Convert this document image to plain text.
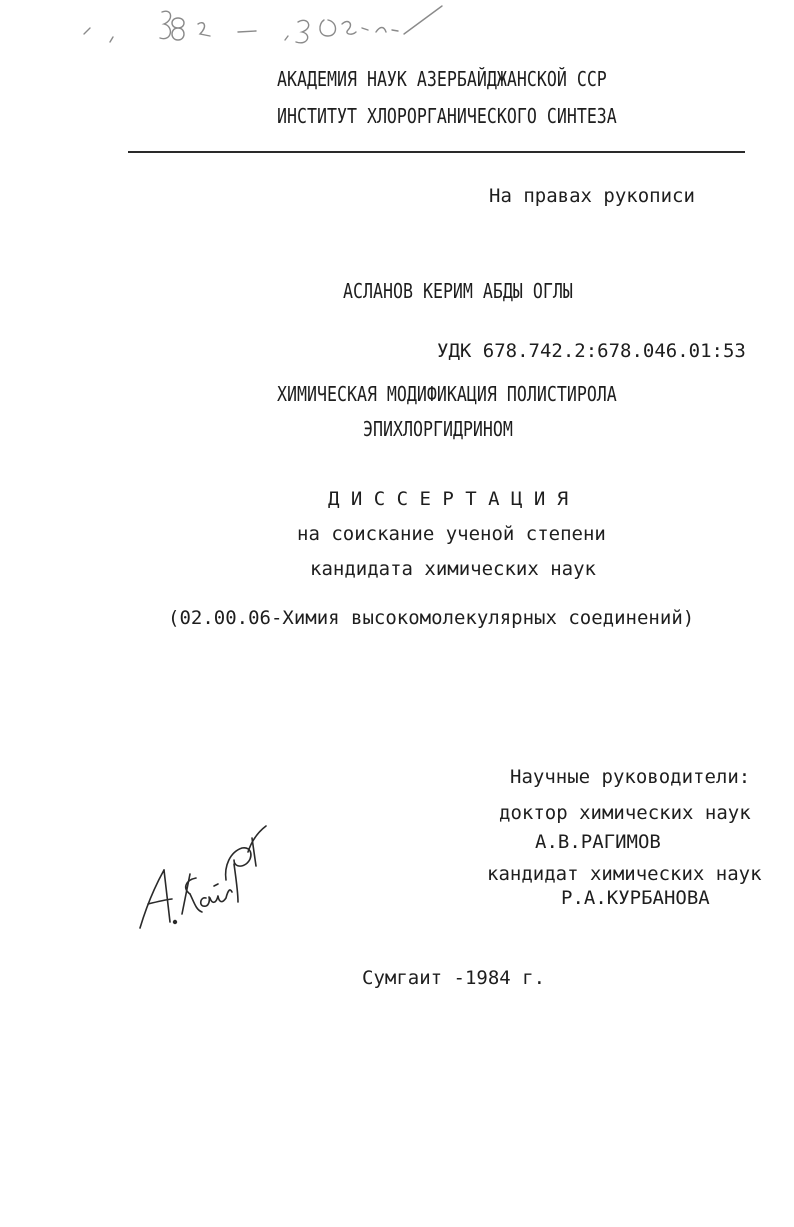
АКАДЕМИЯ НАУК АЗЕРБАЙДЖАНСКОЙ ССР

ИНСТИТУТ ХЛОРОРГАНИЧЕСКОГО СИНТЕЗА

На правах рукописи

АСЛАНОВ КЕРИМ АБДЫ ОГЛЫ

УДК 678.742.2:678.046.01:53

ХИМИЧЕСКАЯ МОДИФИКАЦИЯ ПОЛИСТИРОЛА

ЭПИХЛОРГИДРИНОМ

Д И С С Е Р Т А Ц И Я

на соискание ученой степени

кандидата химических наук

(02.00.06-Химия высокомолекулярных соединений)

Научные руководители:

доктор химических наук

А.В.РАГИМОВ

кандидат химических наук

Р.А.КУРБАНОВА

Сумгаит -1984 г.
